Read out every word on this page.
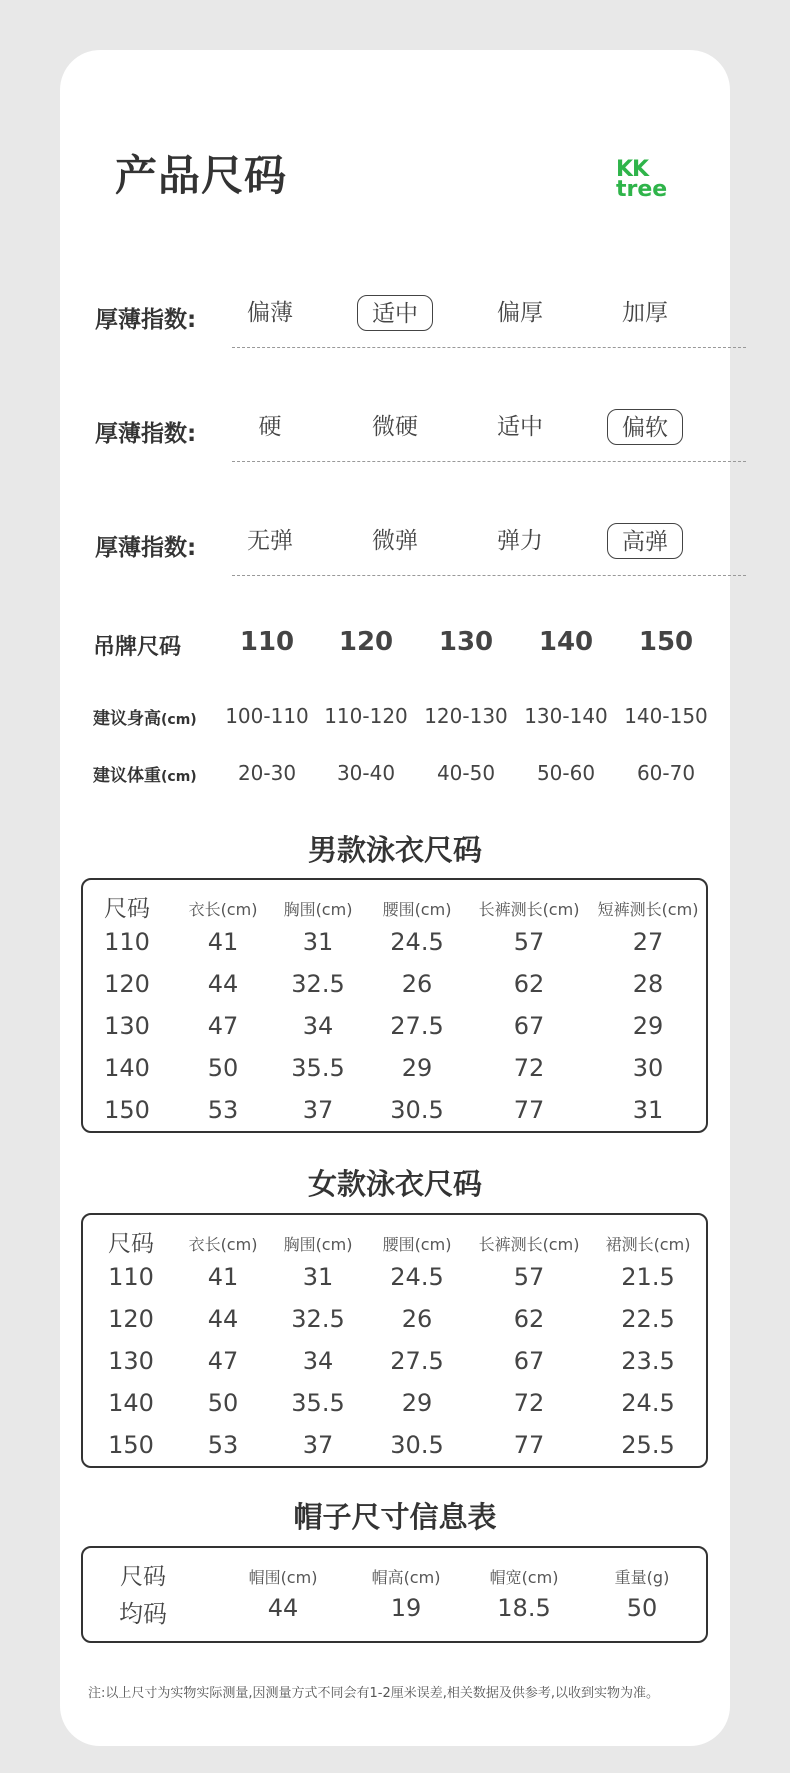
产品尺码	KK
tree
厚薄指数:	偏薄	适中	偏厚	加厚
厚薄指数:	硬	微硬	适中	偏软
厚薄指数:	无弹	微弹	弹力	高弹
吊牌尺码	110	120	130	140	150
建议身高(cm)	100-110 110-120 120-130 130-140 140-150
建议体重(cm)	20-30	30-40	40-50	50-60	60-70
男款泳衣尺码
尺码	衣长(cm)	胸围(cm)	腰围(cm)	长裤测长(cm)	短裤测长(cm)
110	41	31	24.5	57	27
120	44	32.5	26	62	28
130	47	34	27.5	67	29
140	50	35.5	29	72	30
150	53	37	30.5	77	31
女款泳衣尺码
尺码	衣长(cm)	胸围(cm)	腰围(cm)	长裤测长(cm)	裙测长(cm)
110	41	31	24.5	57	21.5
120	44	32.5	26	62	22.5
130	47	34	27.5	67	23.5
140	50	35.5	29	72	24.5
150	53	37	30.5	77	25.5
帽子尺寸信息表
尺码	帽围(cm)	帽高(cm)	帽宽(cm)	重量(g)
均码	44	19	18.5	50
注:以上尺寸为实物实际测量,因测量方式不同会有1-2厘米误差,相关数据及供参考,以收到实物为准。
